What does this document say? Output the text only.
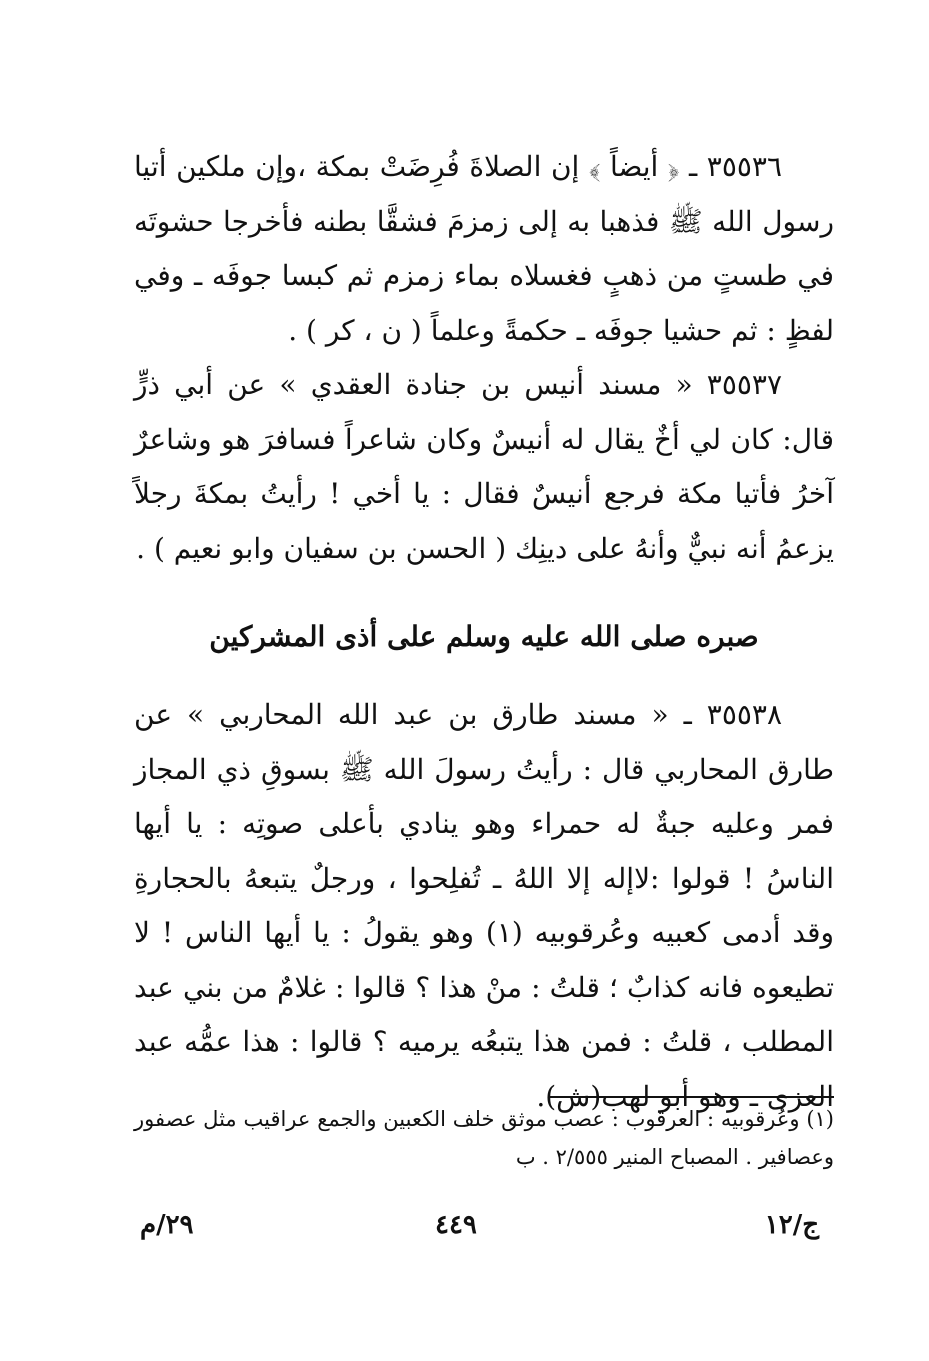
٣٥٥٣٦ ـ ﴿ أيضاً ﴾ إن الصلاةَ فُرِضَتْ بمكة ،وإن ملكين أتيا رسول الله ﷺ فذهبا به إلى زمزمَ فشقَّا بطنه فأخرجا حشوتَه في طستٍ من ذهبٍ فغسلاه بماء زمزم ثم كبسا جوفَه ـ وفي لفظٍ : ثم حشيا جوفَه ـ حكمةً وعلماً ( ن ، كر ) .

٣٥٥٣٧ « مسند أنيس بن جنادة العقدي » عن أبي ذرٍّ قال: كان لي أخٌ يقال له أنيسٌ وكان شاعراً فسافرَ هو وشاعرٌ آخرُ فأتيا مكة فرجع أنيسٌ فقال : يا أخي ! رأيتُ بمكةَ رجلاً يزعمُ أنه نبيٌّ وأنهُ على دينِك ( الحسن بن سفيان وابو نعيم ) .

صبره صلى الله عليه وسلم على أذى المشركين

٣٥٥٣٨ ـ « مسند طارق بن عبد الله المحاربي » عن طارق المحاربي قال : رأيتُ رسولَ الله ﷺ بسوقِ ذي المجاز فمر وعليه جبةٌ له حمراء وهو ينادي بأعلى صوتِه : يا أيها الناسُ ! قولوا :لاإله إلا اللهُ ـ تُفلِحوا ، ورجلٌ يتبعهُ بالحجارةِ وقد أدمى كعبيه وعُرقوبيه (١) وهو يقولُ : يا أيها الناس ! لا تطيعوه فانه كذابٌ ؛ قلتُ : منْ هذا ؟ قالوا : غلامٌ من بني عبد المطلب ، قلتُ : فمن هذا يتبعُه يرميه ؟ قالوا : هذا عمُّه عبد العزى ـ وهو أبو لهب(ش).

(١) وعُرقوبيه : العرقوب : عصب موثق خلف الكعبين والجمع عراقيب مثل عصفور وعصافير . المصباح المنير ٢/٥٥٥ . ب
ج/١٢
٤٤٩
٢٩/م
